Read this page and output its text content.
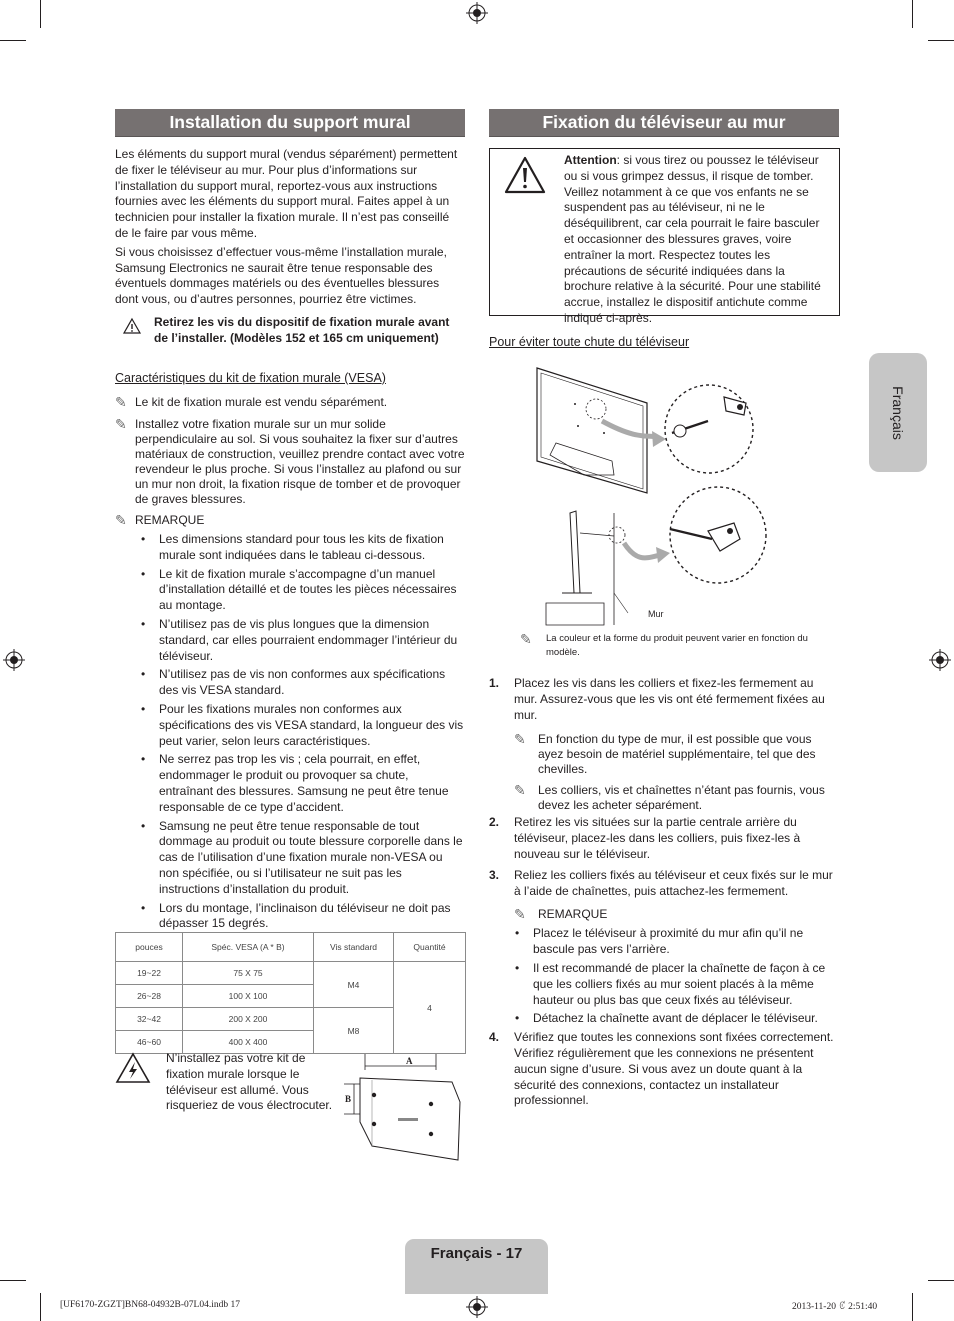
Installation du support mural

Les éléments du support mural (vendus séparément) permettent de fixer le téléviseur au mur. Pour plus d’informations sur l’installation du support mural, reportez-vous aux instructions fournies avec les éléments du support mural. Faites appel à un technicien pour installer la fixation murale. Il n’est pas conseillé de le faire par vous même.

Si vous choisissez d’effectuer vous-même l’installation murale, Samsung Electronics ne saurait être tenue responsable des éventuels dommages matériels ou des éventuelles blessures dont vous, ou d’autres personnes, pourriez être victimes.

Retirez les vis du dispositif de fixation murale avant de l’installer. (Modèles 152 et 165 cm uniquement)

Caractéristiques du kit de fixation murale (VESA)

✎ Le kit de fixation murale est vendu séparément.
✎ Installez votre fixation murale sur un mur solide perpendiculaire au sol. Si vous souhaitez la fixer sur d’autres matériaux de construction, veuillez prendre contact avec votre revendeur le plus proche. Si vous l’installez au plafond ou sur un mur non droit, la fixation risque de tomber et de provoquer de graves blessures.
✎ REMARQUE
• Les dimensions standard pour tous les kits de fixation murale sont indiquées dans le tableau ci-dessous.
• Le kit de fixation murale s’accompagne d’un manuel d’installation détaillé et de toutes les pièces nécessaires au montage.
• N’utilisez pas de vis plus longues que la dimension standard, car elles pourraient endommager l’intérieur du téléviseur.
• N’utilisez pas de vis non conformes aux spécifications des vis VESA standard.
• Pour les fixations murales non conformes aux spécifications des vis VESA standard, la longueur des vis peut varier, selon leurs caractéristiques.
• Ne serrez pas trop les vis ; cela pourrait, en effet, endommager le produit ou provoquer sa chute, entraînant des blessures. Samsung ne peut être tenue responsable de ce type d’accident.
• Samsung ne peut être tenue responsable de tout dommage au produit ou toute blessure corporelle dans le cas de l’utilisation d’une fixation murale non-VESA ou non spécifiée, ou si l’utilisateur ne suit pas les instructions d’installation du produit.
• Lors du montage, l’inclinaison du téléviseur ne doit pas dépasser 15 degrés.
pouces	Spéc. VESA (A * B)	Vis standard	Quantité
19~22	75 X 75	M4	4
26~28	100 X 100		
32~42	200 X 200	M8	
46~60	400 X 400		

N’installez pas votre kit de fixation murale lorsque le téléviseur est allumé. Vous risqueriez de vous électrocuter.

A
B
Fixation du téléviseur au mur

Attention: si vous tirez ou poussez le téléviseur ou si vous grimpez dessus, il risque de tomber. Veillez notamment à ce que vos enfants ne se suspendent pas au téléviseur, ni ne le déséquilibrent, car cela pourrait le faire basculer et occasionner des blessures graves, voire entraîner la mort. Respectez toutes les précautions de sécurité indiquées dans la brochure relative à la sécurité. Pour une stabilité accrue, installez le dispositif antichute comme indiqué ci-après.

Pour éviter toute chute du téléviseur

Mur
✎	La couleur et la forme du produit peuvent varier en fonction du modèle.
1. Placez les vis dans les colliers et fixez-les fermement au mur. Assurez-vous que les vis ont été fermement fixées au mur.
✎	En fonction du type de mur, il est possible que vous ayez besoin de matériel supplémentaire, tel que des chevilles.
✎	Les colliers, vis et chaînettes n’étant pas fournis, vous devez les acheter séparément.
2. Retirez les vis situées sur la partie centrale arrière du téléviseur, placez-les dans les colliers, puis fixez-les à nouveau sur le téléviseur.
3. Reliez les colliers fixés au téléviseur et ceux fixés sur le mur à l’aide de chaînettes, puis attachez-les fermement.
✎	REMARQUE
• Placez le téléviseur à proximité du mur afin qu’il ne bascule pas vers l’arrière.
• Il est recommandé de placer la chaînette de façon à ce que les colliers fixés au mur soient placés à la même hauteur ou plus bas que ceux fixés au téléviseur.
• Détachez la chaînette avant de déplacer le téléviseur.
4. Vérifiez que toutes les connexions sont fixées correctement. Vérifiez régulièrement que les connexions ne présentent aucun signe d’usure. Si vous avez un doute quant à la sécurité des connexions, contactez un installateur professionnel.
Français
Français - 17
[UF6170-ZGZT]BN68-04932B-07L04.indb 17	2013-11-20 ꊐ 2:51:40
